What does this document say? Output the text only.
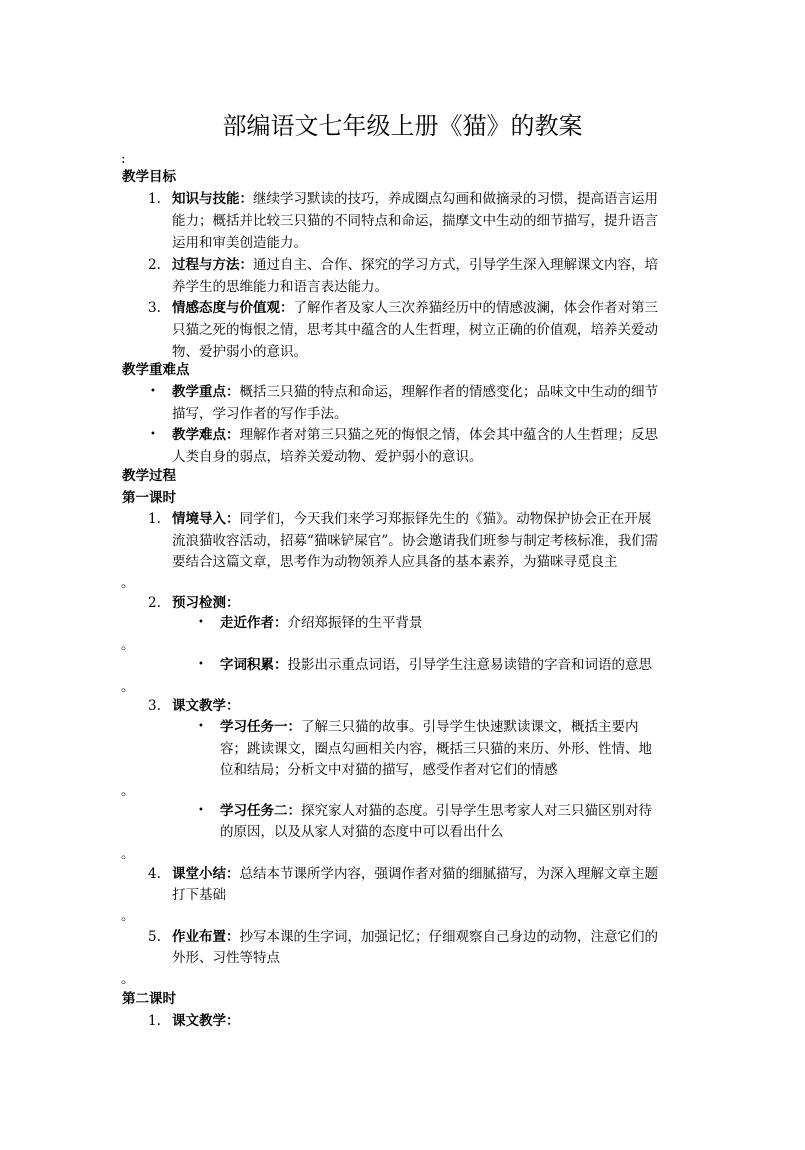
部编语文七年级上册《猫》的教案
:
教学目标
1. 知识与技能：继续学习默读的技巧，养成圈点勾画和做摘录的习惯，提高语言运用
能力；概括并比较三只猫的不同特点和命运，揣摩文中生动的细节描写，提升语言
运用和审美创造能力。
2. 过程与方法：通过自主、合作、探究的学习方式，引导学生深入理解课文内容，培
养学生的思维能力和语言表达能力。
3. 情感态度与价值观：了解作者及家人三次养猫经历中的情感波澜，体会作者对第三
只猫之死的悔恨之情，思考其中蕴含的人生哲理，树立正确的价值观，培养关爱动
物、爱护弱小的意识。
教学重难点
• 教学重点：概括三只猫的特点和命运，理解作者的情感变化；品味文中生动的细节
描写，学习作者的写作手法。
• 教学难点：理解作者对第三只猫之死的悔恨之情，体会其中蕴含的人生哲理；反思
人类自身的弱点，培养关爱动物、爱护弱小的意识。
教学过程
第一课时
1. 情境导入：同学们，今天我们来学习郑振铎先生的《猫》。动物保护协会正在开展
流浪猫收容活动，招募“猫咪铲屎官”。协会邀请我们班参与制定考核标准，我们需
要结合这篇文章，思考作为动物领养人应具备的基本素养，为猫咪寻觅良主
。
2. 预习检测：
• 走近作者：介绍郑振铎的生平背景
。
• 字词积累：投影出示重点词语，引导学生注意易读错的字音和词语的意思
。
3. 课文教学：
• 学习任务一：了解三只猫的故事。引导学生快速默读课文，概括主要内
容；跳读课文，圈点勾画相关内容，概括三只猫的来历、外形、性情、地
位和结局；分析文中对猫的描写，感受作者对它们的情感
。
• 学习任务二：探究家人对猫的态度。引导学生思考家人对三只猫区别对待
的原因，以及从家人对猫的态度中可以看出什么
。
4. 课堂小结：总结本节课所学内容，强调作者对猫的细腻描写，为深入理解文章主题
打下基础
。
5. 作业布置：抄写本课的生字词，加强记忆；仔细观察自己身边的动物，注意它们的
外形、习性等特点
。
第二课时
1. 课文教学：
